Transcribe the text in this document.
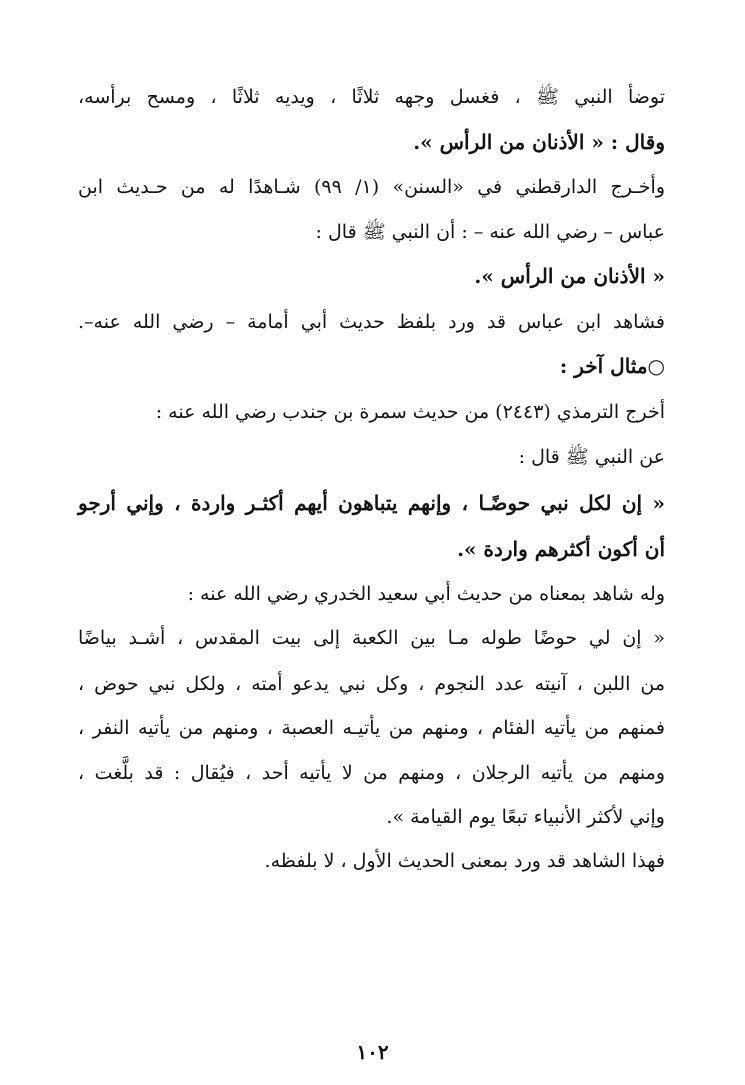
توضأ النبي ﷺ ، فغسل وجهه ثلاثًا ، ويديه ثلاثًا ، ومسح برأسه،
وقال : « الأذنان من الرأس ».
وأخـرج الدارقطني في «السنن» (١/ ٩٩) شـاهدًا له من حـديث ابن
عباس – رضي الله عنه – : أن النبي ﷺ قال :
« الأذنان من الرأس ».
فشاهد ابن عباس قد ورد بلفظ حديث أبي أمامة – رضي الله عنه–.
○مثال آخر :
أخرج الترمذي (٢٤٤٣) من حديث سمرة بن جندب رضي الله عنه :
عن النبي ﷺ قال :
« إن لكل نبي حوضًـا ، وإنهم يتباهون أيهم أكثـر واردة ، وإني أرجو
أن أكون أكثرهم واردة ».
وله شاهد بمعناه من حديث أبي سعيد الخدري رضي الله عنه :
« إن لي حوضًا طوله مـا بين الكعبة إلى بيت المقدس ، أشـد بياضًا
من اللبن ، آنيته عدد النجوم ، وكل نبي يدعو أمته ، ولكل نبي حوض ،
فمنهم من يأتيه الفئام ، ومنهم من يأتيـه العصبة ، ومنهم من يأتيه النفر ،
ومنهم من يأتيه الرجلان ، ومنهم من لا يأتيه أحد ، فيُقال : قد بلَّغت ،
وإني لأكثر الأنبياء تبعًا يوم القيامة ».
فهذا الشاهد قد ورد بمعنى الحديث الأول ، لا بلفظه.
١٠٢
